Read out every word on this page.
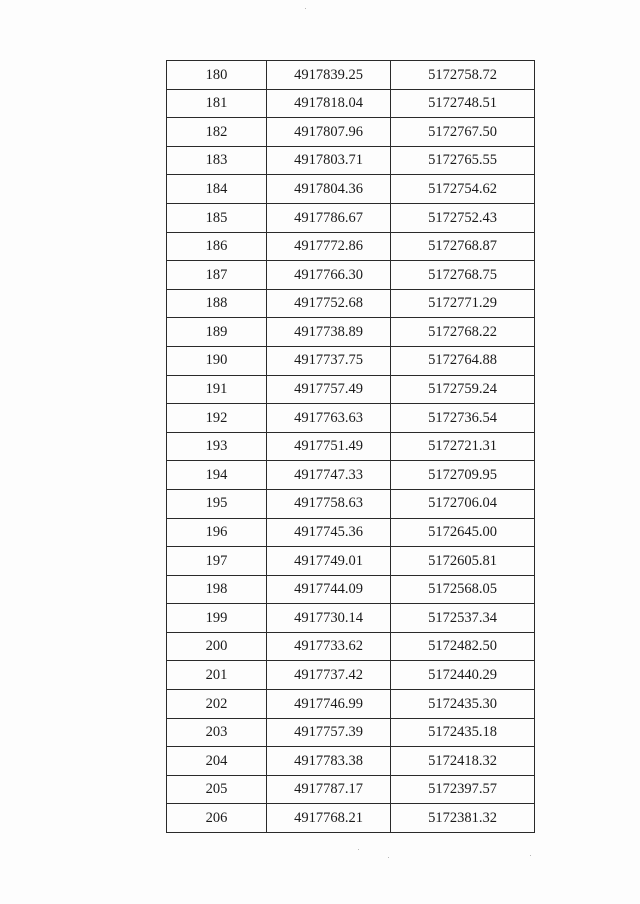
180	4917839.25	5172758.72
181	4917818.04	5172748.51
182	4917807.96	5172767.50
183	4917803.71	5172765.55
184	4917804.36	5172754.62
185	4917786.67	5172752.43
186	4917772.86	5172768.87
187	4917766.30	5172768.75
188	4917752.68	5172771.29
189	4917738.89	5172768.22
190	4917737.75	5172764.88
191	4917757.49	5172759.24
192	4917763.63	5172736.54
193	4917751.49	5172721.31
194	4917747.33	5172709.95
195	4917758.63	5172706.04
196	4917745.36	5172645.00
197	4917749.01	5172605.81
198	4917744.09	5172568.05
199	4917730.14	5172537.34
200	4917733.62	5172482.50
201	4917737.42	5172440.29
202	4917746.99	5172435.30
203	4917757.39	5172435.18
204	4917783.38	5172418.32
205	4917787.17	5172397.57
206	4917768.21	5172381.32
